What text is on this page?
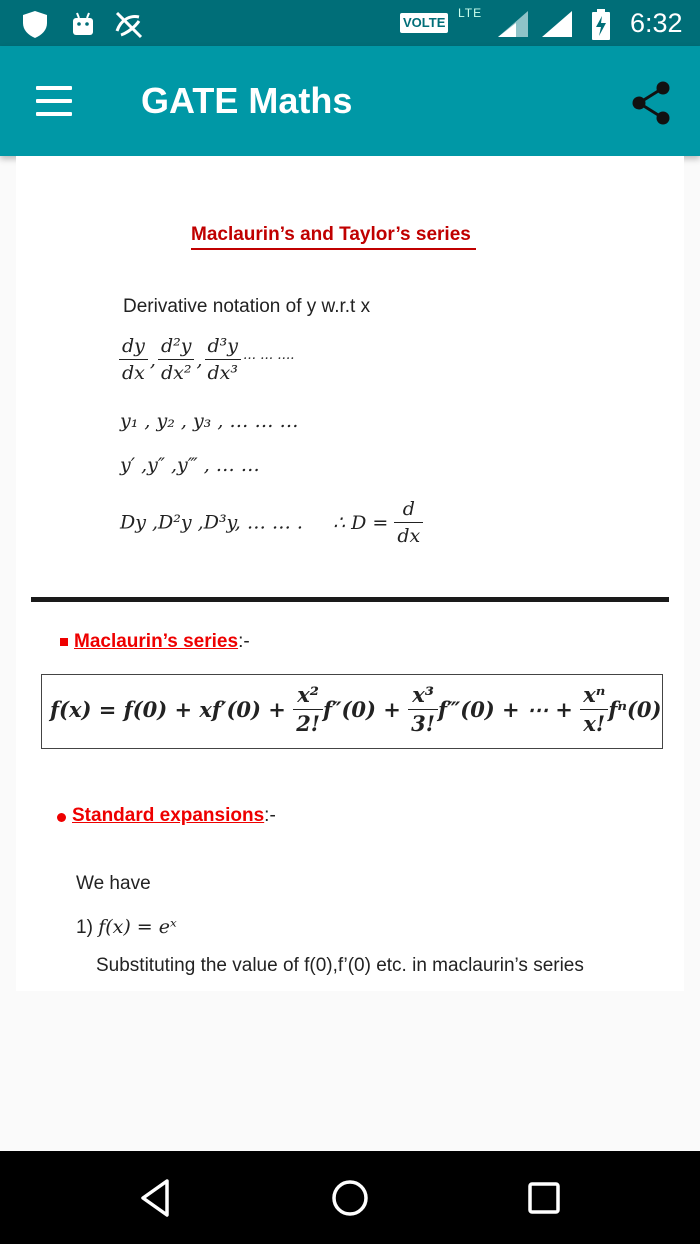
VOLTE
LTE	6:32
GATE Maths
Maclaurin’s and Taylor’s series
Derivative notation of y w.r.t x
$\frac{dy}{dx}$ , $\frac{\text{d²y}}{\text{dx²}}$ , $\frac{\text{d³y}}{\text{dx³}}$ … … ….
y₁ , y₂ , y₃ , … … …
y′ ,y″ ,y‴ , … …
Dy ,D²y ,D³y, … … . ∴ $D = \frac{d}{dx}$
Maclaurin’s series:-
$f(x) = f(0) + xf'(0) + \frac{\text{x²}}{2!} f''(0) + \frac{\text{x³}}{3!}$ f‴(0) + ⋯ + $\frac{\text{xⁿ}}{x!} f^n(0)$
Standard expansions:-
We have
1) f(x) = eˣ
Substituting the value of f(0),f’(0) etc. in maclaurin’s series
